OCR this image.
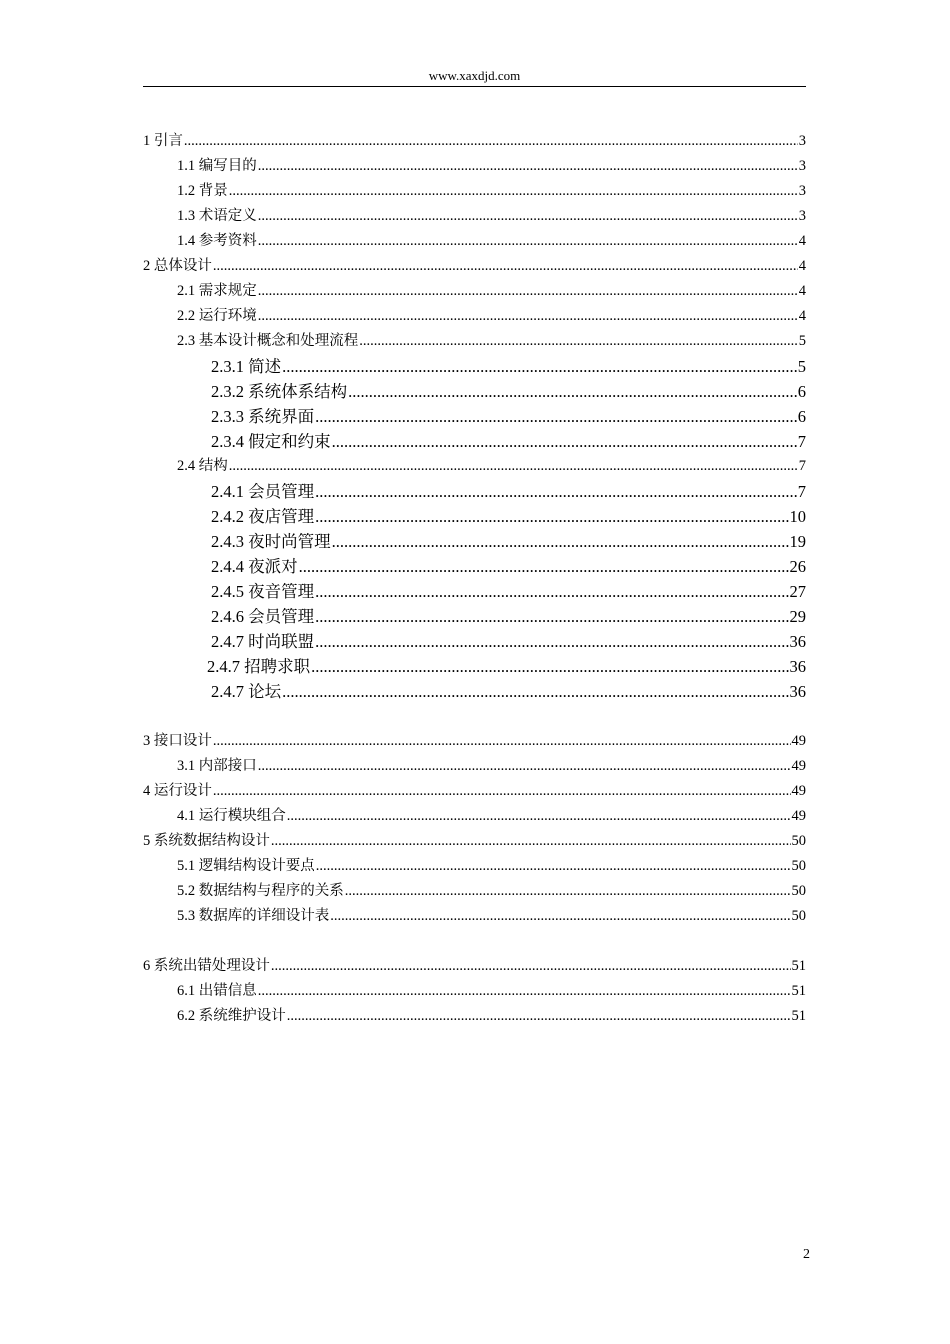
www.xaxdjd.com
1 引言 .....	3
1.1 编写目的 .....	3
1.2 背景 .....	3
1.3 术语定义 .....	3
1.4 参考资料 .....	4
2 总体设计 .....	4
2.1 需求规定 .....	4
2.2 运行环境 .....	4
2.3 基本设计概念和处理流程 .....	5
2.3.1 简述 .....	5
2.3.2 系统体系结构 .....	6
2.3.3 系统界面 .....	6
2.3.4 假定和约束 .....	7
2.4 结构 .....	7
2.4.1 会员管理 .....	7
2.4.2 夜店管理 .....	10
2.4.3 夜时尚管理 .....	19
2.4.4 夜派对 .....	26
2.4.5 夜音管理 .....	27
2.4.6 会员管理 .....	29
2.4.7 时尚联盟 .....	36
2.4.7 招聘求职 .....	36
2.4.7 论坛 .....	36
3 接口设计 .....	49
3.1 内部接口 .....	49
4 运行设计 .....	49
4.1 运行模块组合 .....	49
5 系统数据结构设计 .....	50
5.1 逻辑结构设计要点 .....	50
5.2 数据结构与程序的关系 .....	50
5.3 数据库的详细设计表 .....	50
6 系统出错处理设计 .....	51
6.1 出错信息 .....	51
6.2 系统维护设计 .....	51
2
